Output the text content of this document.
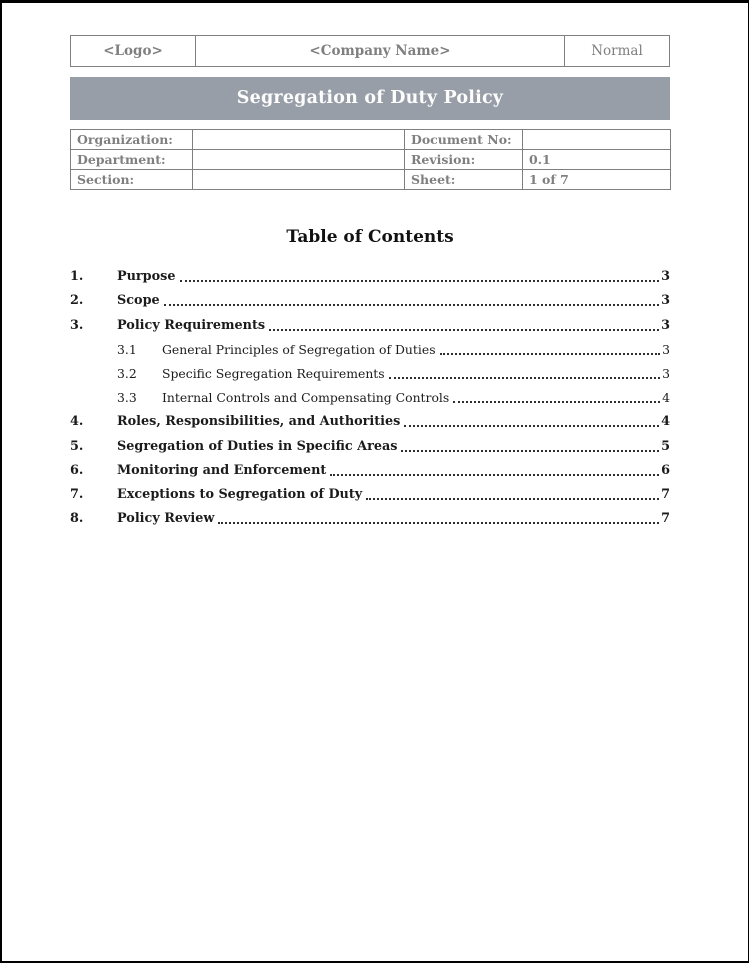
<Logo>	<Company Name>	Normal
Segregation of Duty Policy
Organization:		Document No:	
Department:		Revision:	0.1
Section:		Sheet:	1 of 7
Table of Contents
1.	Purpose	3
2.	Scope	3
3.	Policy Requirements	3
3.1	General Principles of Segregation of Duties	3
3.2	Specific Segregation Requirements	3
3.3	Internal Controls and Compensating Controls	4
4.	Roles, Responsibilities, and Authorities	4
5.	Segregation of Duties in Specific Areas	5
6.	Monitoring and Enforcement	6
7.	Exceptions to Segregation of Duty	7
8.	Policy Review	7
